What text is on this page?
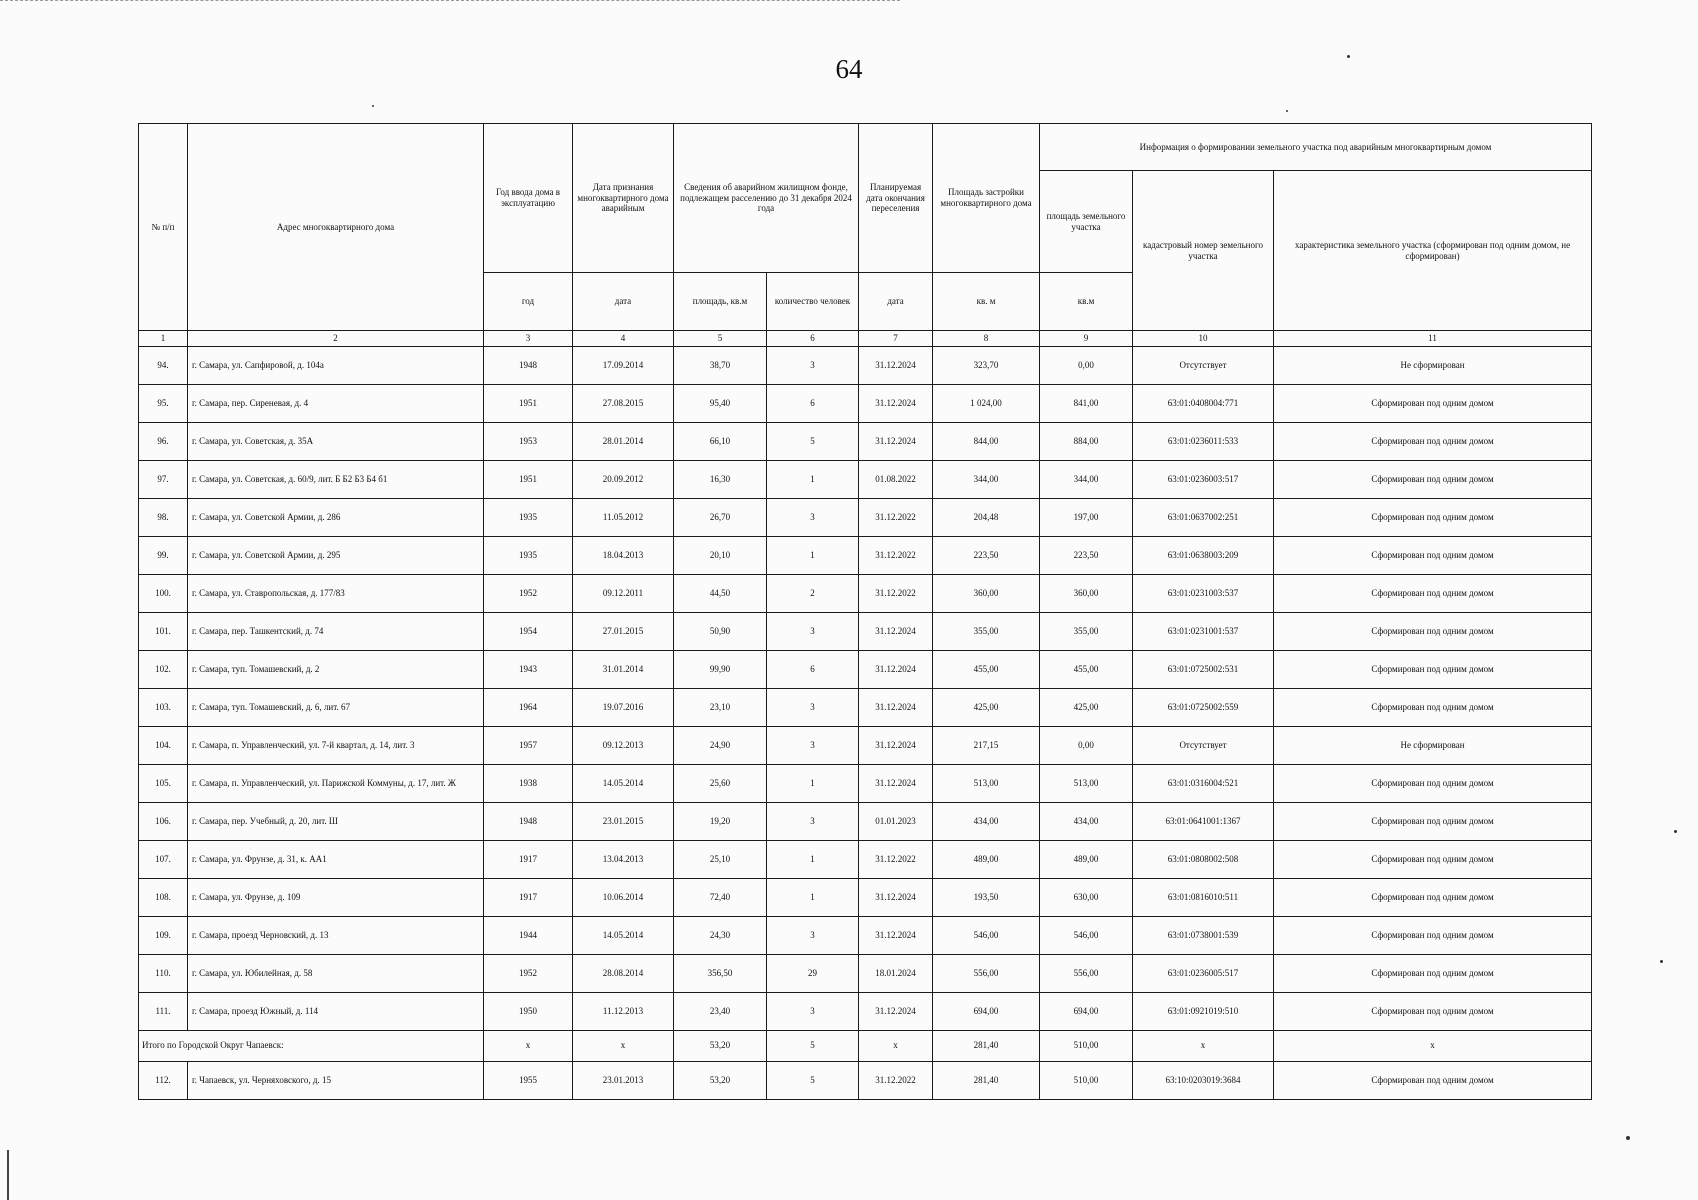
64
№ п/п	Адрес многоквартирного дома	Год ввода дома в эксплуатацию	Дата признания многоквартирного дома аварийным	Сведения об аварийном жилищном фонде, подлежащем расселению до 31 декабря 2024 года		Планируемая дата окончания переселения	Площадь застройки многоквартирного дома	Информация о формировании земельного участка под аварийным многоквартирным домом		
								площадь земельного участка	кадастровый номер земельного участка	характеристика земельного участка (сформирован под одним домом, не сформирован)
		год	дата	площадь, кв.м	количество человек	дата	кв. м	кв.м		
1	2	3	4	5	6	7	8	9	10	11
94.	г. Самара, ул. Сапфировой, д. 104а	1948	17.09.2014	38,70	3	31.12.2024	323,70	0,00	Отсутствует	Не сформирован
95.	г. Самара, пер. Сиреневая, д. 4	1951	27.08.2015	95,40	6	31.12.2024	1 024,00	841,00	63:01:0408004:771	Сформирован под одним домом
96.	г. Самара, ул. Советская, д. 35А	1953	28.01.2014	66,10	5	31.12.2024	844,00	884,00	63:01:0236011:533	Сформирован под одним домом
97.	г. Самара, ул. Советская, д. 60/9, лит. Б Б2 Б3 Б4 б1	1951	20.09.2012	16,30	1	01.08.2022	344,00	344,00	63:01:0236003:517	Сформирован под одним домом
98.	г. Самара, ул. Советской Армии, д. 286	1935	11.05.2012	26,70	3	31.12.2022	204,48	197,00	63:01:0637002:251	Сформирован под одним домом
99.	г. Самара, ул. Советской Армии, д. 295	1935	18.04.2013	20,10	1	31.12.2022	223,50	223,50	63:01:0638003:209	Сформирован под одним домом
100.	г. Самара, ул. Ставропольская, д. 177/83	1952	09.12.2011	44,50	2	31.12.2022	360,00	360,00	63:01:0231003:537	Сформирован под одним домом
101.	г. Самара, пер. Ташкентский, д. 74	1954	27.01.2015	50,90	3	31.12.2024	355,00	355,00	63:01:0231001:537	Сформирован под одним домом
102.	г. Самара, туп. Томашевский, д. 2	1943	31.01.2014	99,90	6	31.12.2024	455,00	455,00	63:01:0725002:531	Сформирован под одним домом
103.	г. Самара, туп. Томашевский, д. 6, лит. 67	1964	19.07.2016	23,10	3	31.12.2024	425,00	425,00	63:01:0725002:559	Сформирован под одним домом
104.	г. Самара, п. Управленческий, ул. 7-й квартал, д. 14, лит. 3	1957	09.12.2013	24,90	3	31.12.2024	217,15	0,00	Отсутствует	Не сформирован
105.	г. Самара, п. Управленческий, ул. Парижской Коммуны, д. 17, лит. Ж	1938	14.05.2014	25,60	1	31.12.2024	513,00	513,00	63:01:0316004:521	Сформирован под одним домом
106.	г. Самара, пер. Учебный, д. 20, лит. Ш	1948	23.01.2015	19,20	3	01.01.2023	434,00	434,00	63:01:0641001:1367	Сформирован под одним домом
107.	г. Самара, ул. Фрунзе, д. 31, к. АА1	1917	13.04.2013	25,10	1	31.12.2022	489,00	489,00	63:01:0808002:508	Сформирован под одним домом
108.	г. Самара, ул. Фрунзе, д. 109	1917	10.06.2014	72,40	1	31.12.2024	193,50	630,00	63:01:0816010:511	Сформирован под одним домом
109.	г. Самара, проезд Черновский, д. 13	1944	14.05.2014	24,30	3	31.12.2024	546,00	546,00	63:01:0738001:539	Сформирован под одним домом
110.	г. Самара, ул. Юбилейная, д. 58	1952	28.08.2014	356,50	29	18.01.2024	556,00	556,00	63:01:0236005:517	Сформирован под одним домом
111.	г. Самара, проезд Южный, д. 114	1950	11.12.2013	23,40	3	31.12.2024	694,00	694,00	63:01:0921019:510	Сформирован под одним домом
Итого по Городской Округ Чапаевск:		х	х	53,20	5	х	281,40	510,00	х	х
112.	г. Чапаевск, ул. Черняховского, д. 15	1955	23.01.2013	53,20	5	31.12.2022	281,40	510,00	63:10:0203019:3684	Сформирован под одним домом
